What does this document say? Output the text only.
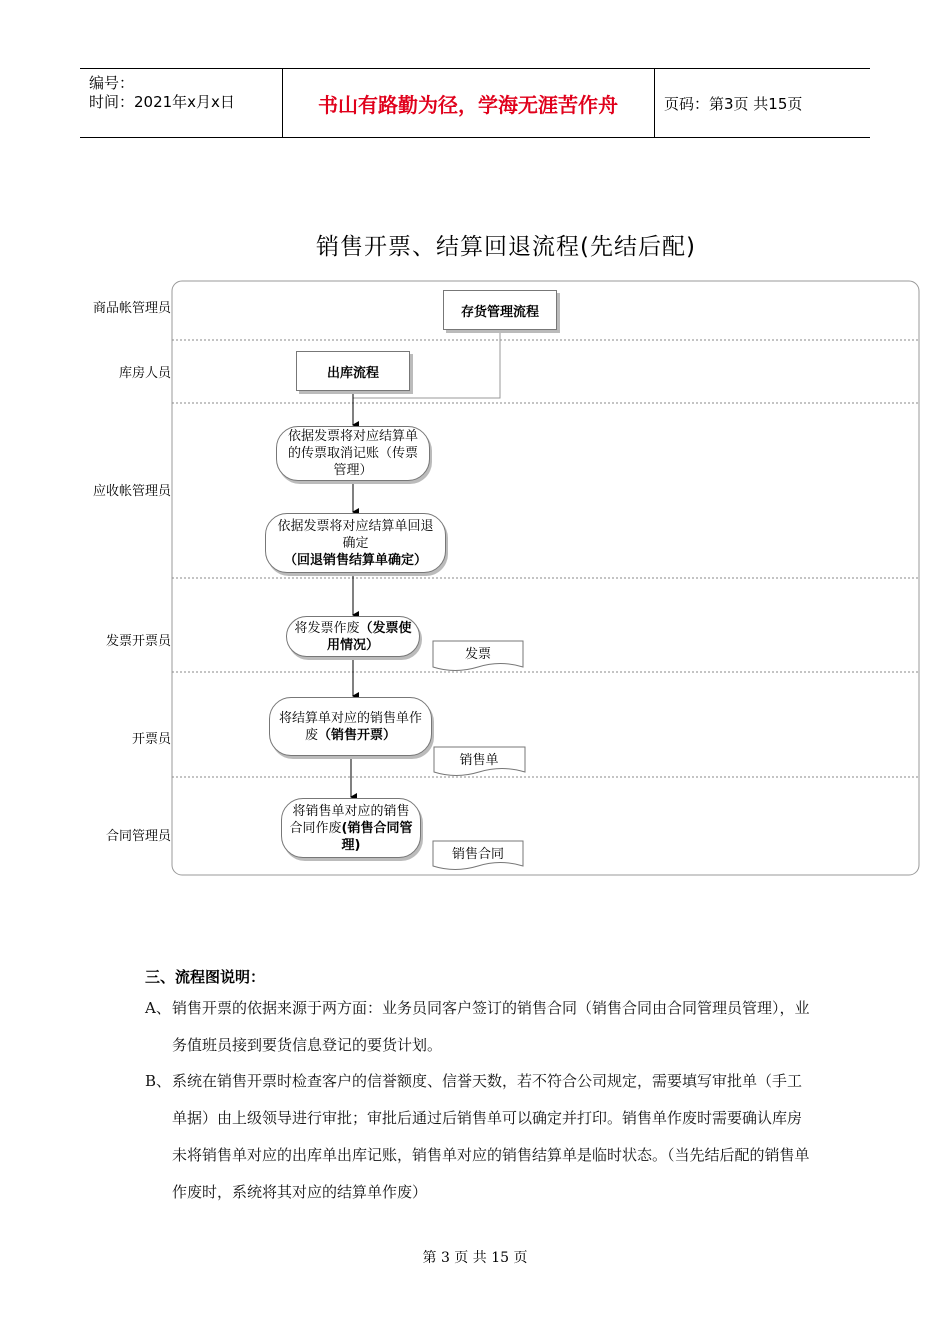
编号：
时间：2021年x月x日	书山有路勤为径，学海无涯苦作舟	页码：第3页 共15页
销售开票、结算回退流程(先结后配)
商品帐管理员
库房人员
应收帐管理员
发票开票员
开票员
合同管理员
存货管理流程
出库流程
依据发票将对应结算单的传票取消记账（传票管理）
依据发票将对应结算单回退确定（回退销售结算单确定）
将发票作废（发票使用情况）
将结算单对应的销售单作废（销售开票）
将销售单对应的销售合同作废(销售合同管理)
发票
销售单
销售合同
三、流程图说明：
A、 销售开票的依据来源于两方面：业务员同客户签订的销售合同（销售合同由合同管理员管理），业务值班员接到要货信息登记的要货计划。
B、 系统在销售开票时检查客户的信誉额度、信誉天数，若不符合公司规定，需要填写审批单（手工单据）由上级领导进行审批；审批后通过后销售单可以确定并打印。销售单作废时需要确认库房未将销售单对应的出库单出库记账，销售单对应的销售结算单是临时状态。（当先结后配的销售单作废时，系统将其对应的结算单作废）
第 3 页 共 15 页
